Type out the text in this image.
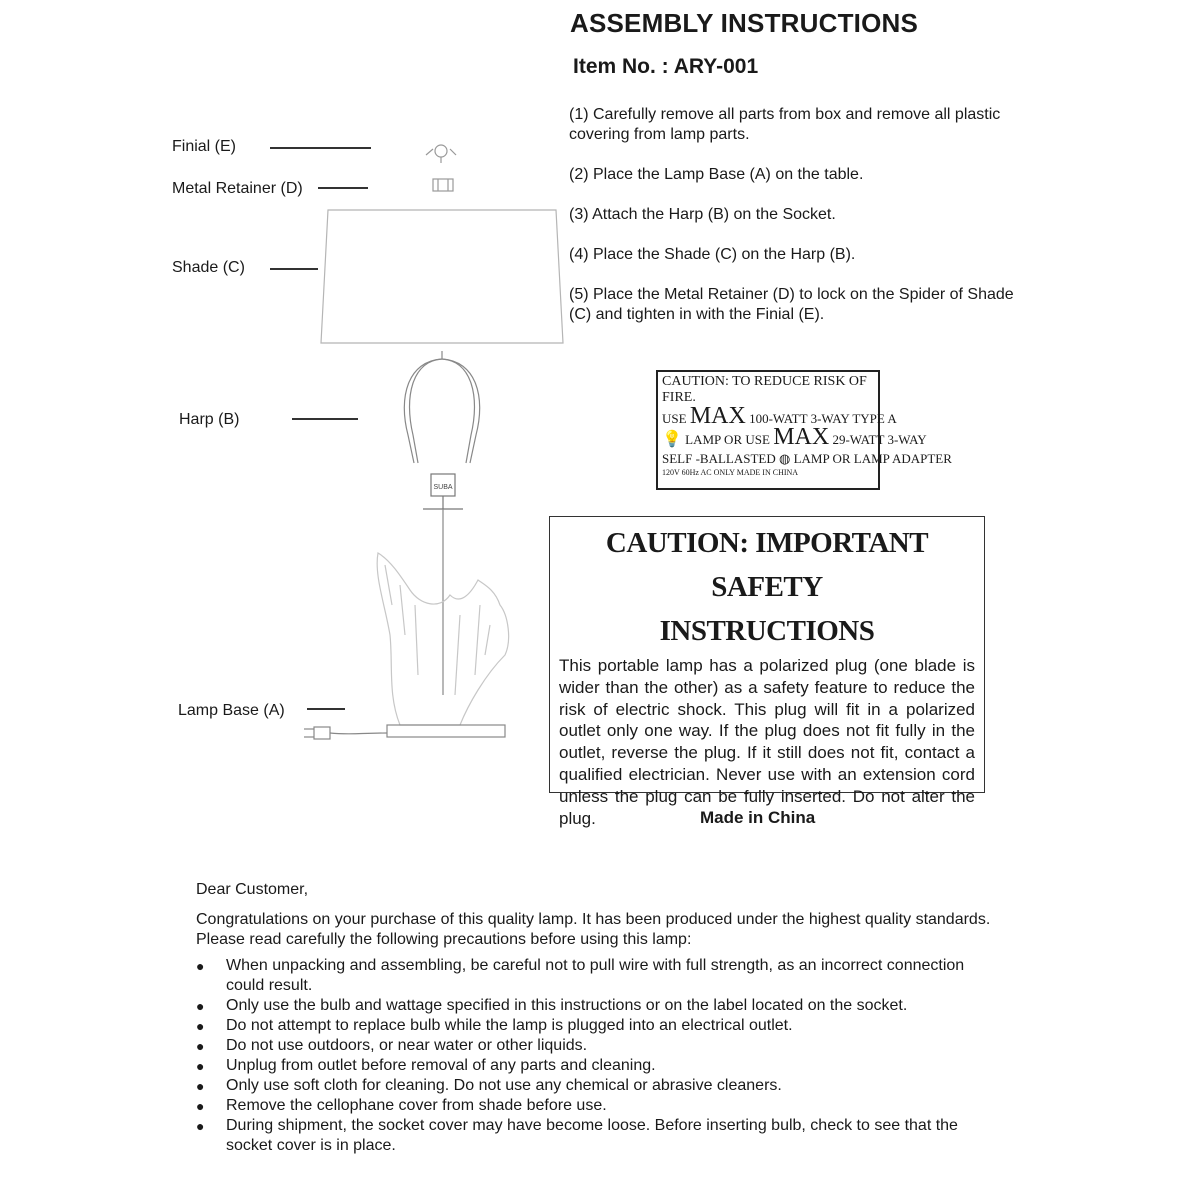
ASSEMBLY INSTRUCTIONS
Item No. : ARY-001
(1) Carefully remove all parts from box and remove all plastic covering from lamp parts.
(2) Place the Lamp Base (A) on the table.
(3) Attach the Harp (B) on the Socket.
(4) Place the Shade (C) on the Harp (B).
(5) Place the Metal Retainer (D) to lock on the Spider of Shade (C) and tighten in with the Finial (E).
Finial (E)
Metal Retainer (D)
Shade (C)
Harp (B)
Lamp Base (A)
SUBA
CAUTION: TO REDUCE RISK OF FIRE.
USE MAX 100-WATT 3-WAY TYPE A
💡 LAMP OR USE MAX 29-WATT 3-WAY
SELF -BALLASTED ◍ LAMP OR LAMP ADAPTER
120V 60Hz AC ONLY MADE IN CHINA
CAUTION: IMPORTANT SAFETY
INSTRUCTIONS
This portable lamp has a polarized plug (one blade is wider than the other) as a safety feature to reduce the risk of electric shock. This plug will fit in a polarized outlet only one way. If the plug does not fit fully in the outlet, reverse the plug. If it still does not fit, contact a qualified electrician. Never use with an extension cord unless the plug can be fully inserted. Do not alter the plug.	Made in China

Dear Customer,

Congratulations on your purchase of this quality lamp. It has been produced under the highest quality standards. Please read carefully the following precautions before using this lamp:

● When unpacking and assembling, be careful not to pull wire with full strength, as an incorrect connection could result.
● Only use the bulb and wattage specified in this instructions or on the label located on the socket.
● Do not attempt to replace bulb while the lamp is plugged into an electrical outlet.
● Do not use outdoors, or near water or other liquids.
● Unplug from outlet before removal of any parts and cleaning.
● Only use soft cloth for cleaning. Do not use any chemical or abrasive cleaners.
● Remove the cellophane cover from shade before use.
● During shipment, the socket cover may have become loose. Before inserting bulb, check to see that the socket cover is in place.
